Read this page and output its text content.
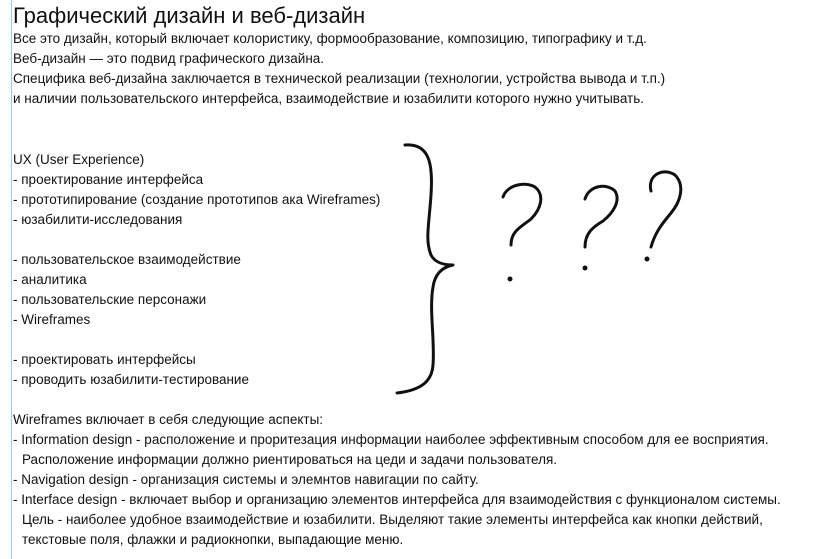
Графический дизайн и веб-дизайн
Все это дизайн, который включает колористику, формообразование, композицию, типографику и т.д.
Веб-дизайн — это подвид графического дизайна.
Специфика веб-дизайна заключается в технической реализации (технологии, устройства вывода и т.п.)
и наличии пользовательского интерфейса, взаимодействие и юзабилити которого нужно учитывать.
UX (User Experience)
- проектирование интерфейса
- прототипирование (создание прототипов ака Wireframes)
- юзабилити-исследования
- пользовательское взаимодействие
- аналитика
- пользовательские персонажи
- Wireframes
- проектировать интерфейсы
- проводить юзабилити-тестирование
Wireframes включает в себя следующие аспекты:
- Information design - расположение и проритезация информации наиболее эффективным способом для ее восприятия.
Расположение информации должно риентироваться на цеди и задачи пользователя.
- Navigation design - организация системы и элемнтов навигации по сайту.
- Interface design - включает выбор и организацию элементов интерфейса для взаимодействия с функционалом системы.
Цель - наиболее удобное взаимодействие и юзабилити. Выделяют такие элементы интерфейса как кнопки действий,
текстовые поля, флажки и радиокнопки, выпадающие меню.
